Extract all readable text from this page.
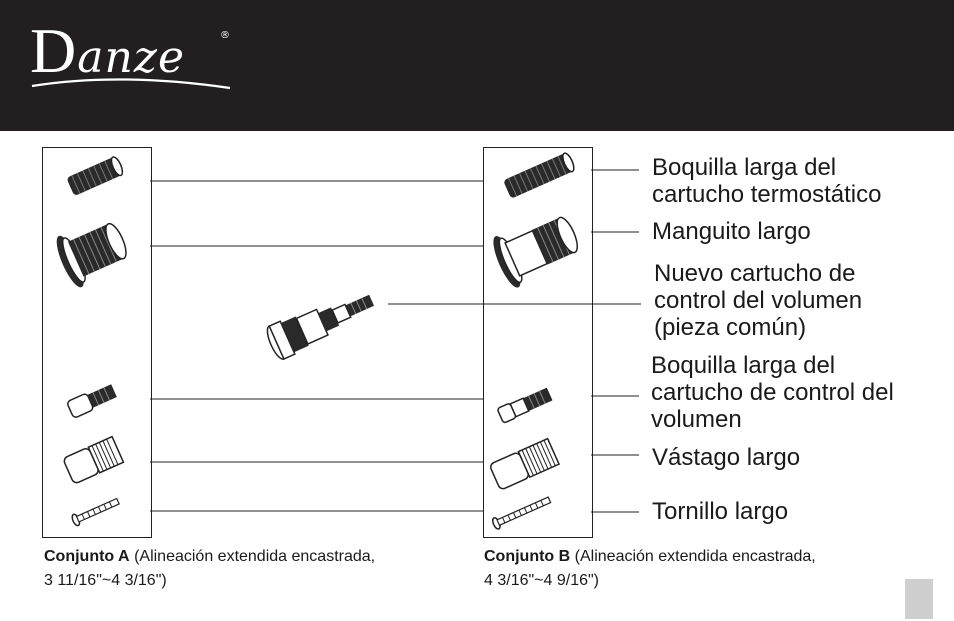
Danze	®
Boquilla larga del
cartucho termostático
Manguito largo
Nuevo cartucho de
control del volumen
(pieza común)
Boquilla larga del
cartucho de control del
volumen
Vástago largo
Tornillo largo
Conjunto A (Alineación extendida encastrada,
3 11/16"~4 3/16")
Conjunto B (Alineación extendida encastrada,
4 3/16"~4 9/16")
